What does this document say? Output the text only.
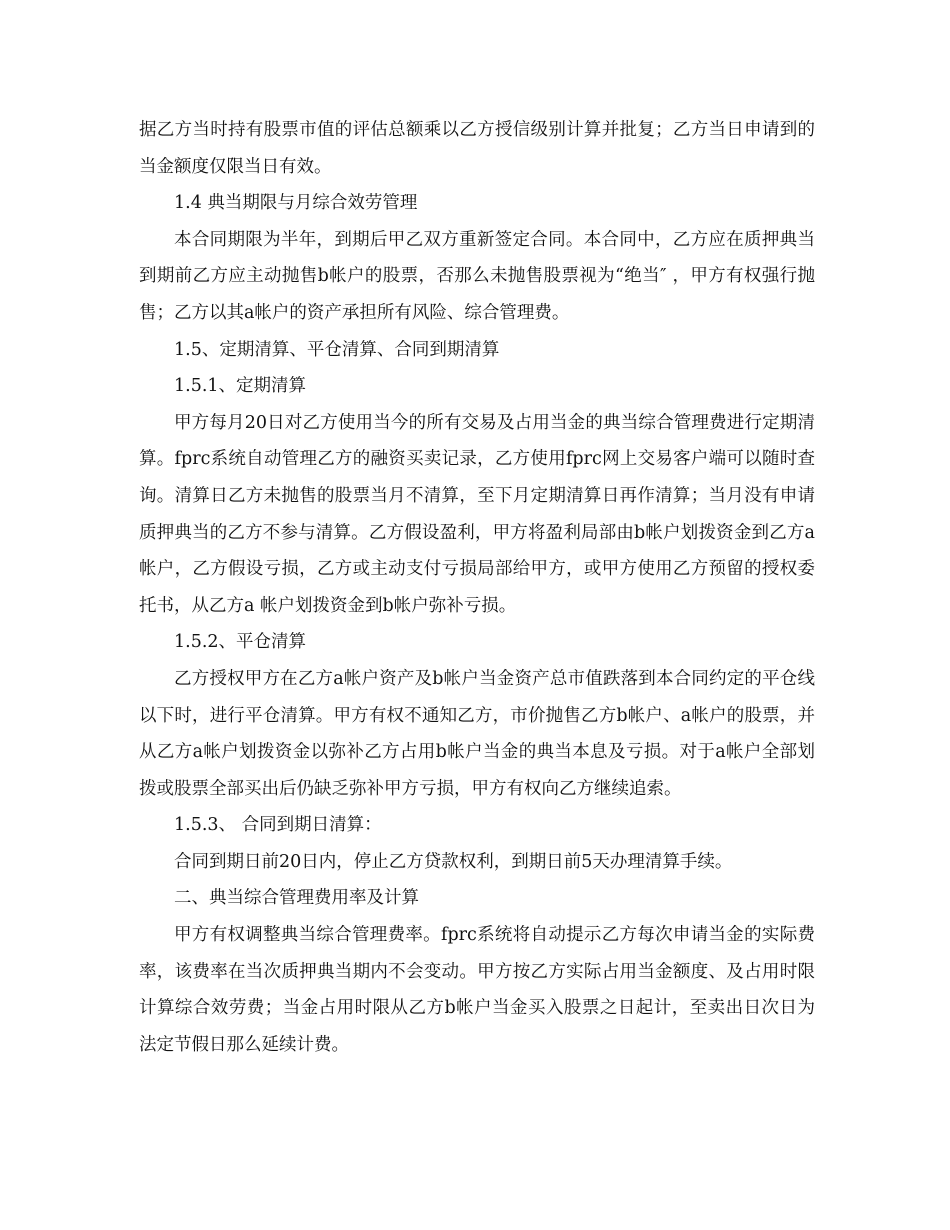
据乙方当时持有股票市值的评估总额乘以乙方授信级别计算并批复；乙方当日申请到的当金额度仅限当日有效。

1.4 典当期限与月综合效劳管理

本合同期限为半年，到期后甲乙双方重新签定合同。本合同中，乙方应在质押典当到期前乙方应主动抛售b帐户的股票，否那么未抛售股票视为“绝当″ ，甲方有权强行抛售；乙方以其a帐户的资产承担所有风险、综合管理费。

1.5、定期清算、平仓清算、合同到期清算

1.5.1、定期清算

甲方每月20日对乙方使用当今的所有交易及占用当金的典当综合管理费进行定期清算。fprc系统自动管理乙方的融资买卖记录，乙方使用fprc网上交易客户端可以随时查询。清算日乙方未抛售的股票当月不清算，至下月定期清算日再作清算；当月没有申请质押典当的乙方不参与清算。乙方假设盈利，甲方将盈利局部由b帐户划拨资金到乙方a帐户，乙方假设亏损，乙方或主动支付亏损局部给甲方，或甲方使用乙方预留的授权委托书，从乙方a 帐户划拨资金到b帐户弥补亏损。

1.5.2、平仓清算

乙方授权甲方在乙方a帐户资产及b帐户当金资产总市值跌落到本合同约定的平仓线以下时，进行平仓清算。甲方有权不通知乙方，市价抛售乙方b帐户、a帐户的股票，并从乙方a帐户划拨资金以弥补乙方占用b帐户当金的典当本息及亏损。对于a帐户全部划拨或股票全部买出后仍缺乏弥补甲方亏损，甲方有权向乙方继续追索。

1.5.3、 合同到期日清算：

合同到期日前20日内，停止乙方贷款权利，到期日前5天办理清算手续。

二、典当综合管理费用率及计算

甲方有权调整典当综合管理费率。fprc系统将自动提示乙方每次申请当金的实际费率，该费率在当次质押典当期内不会变动。甲方按乙方实际占用当金额度、及占用时限计算综合效劳费；当金占用时限从乙方b帐户当金买入股票之日起计，至卖出日次日为法定节假日那么延续计费。
